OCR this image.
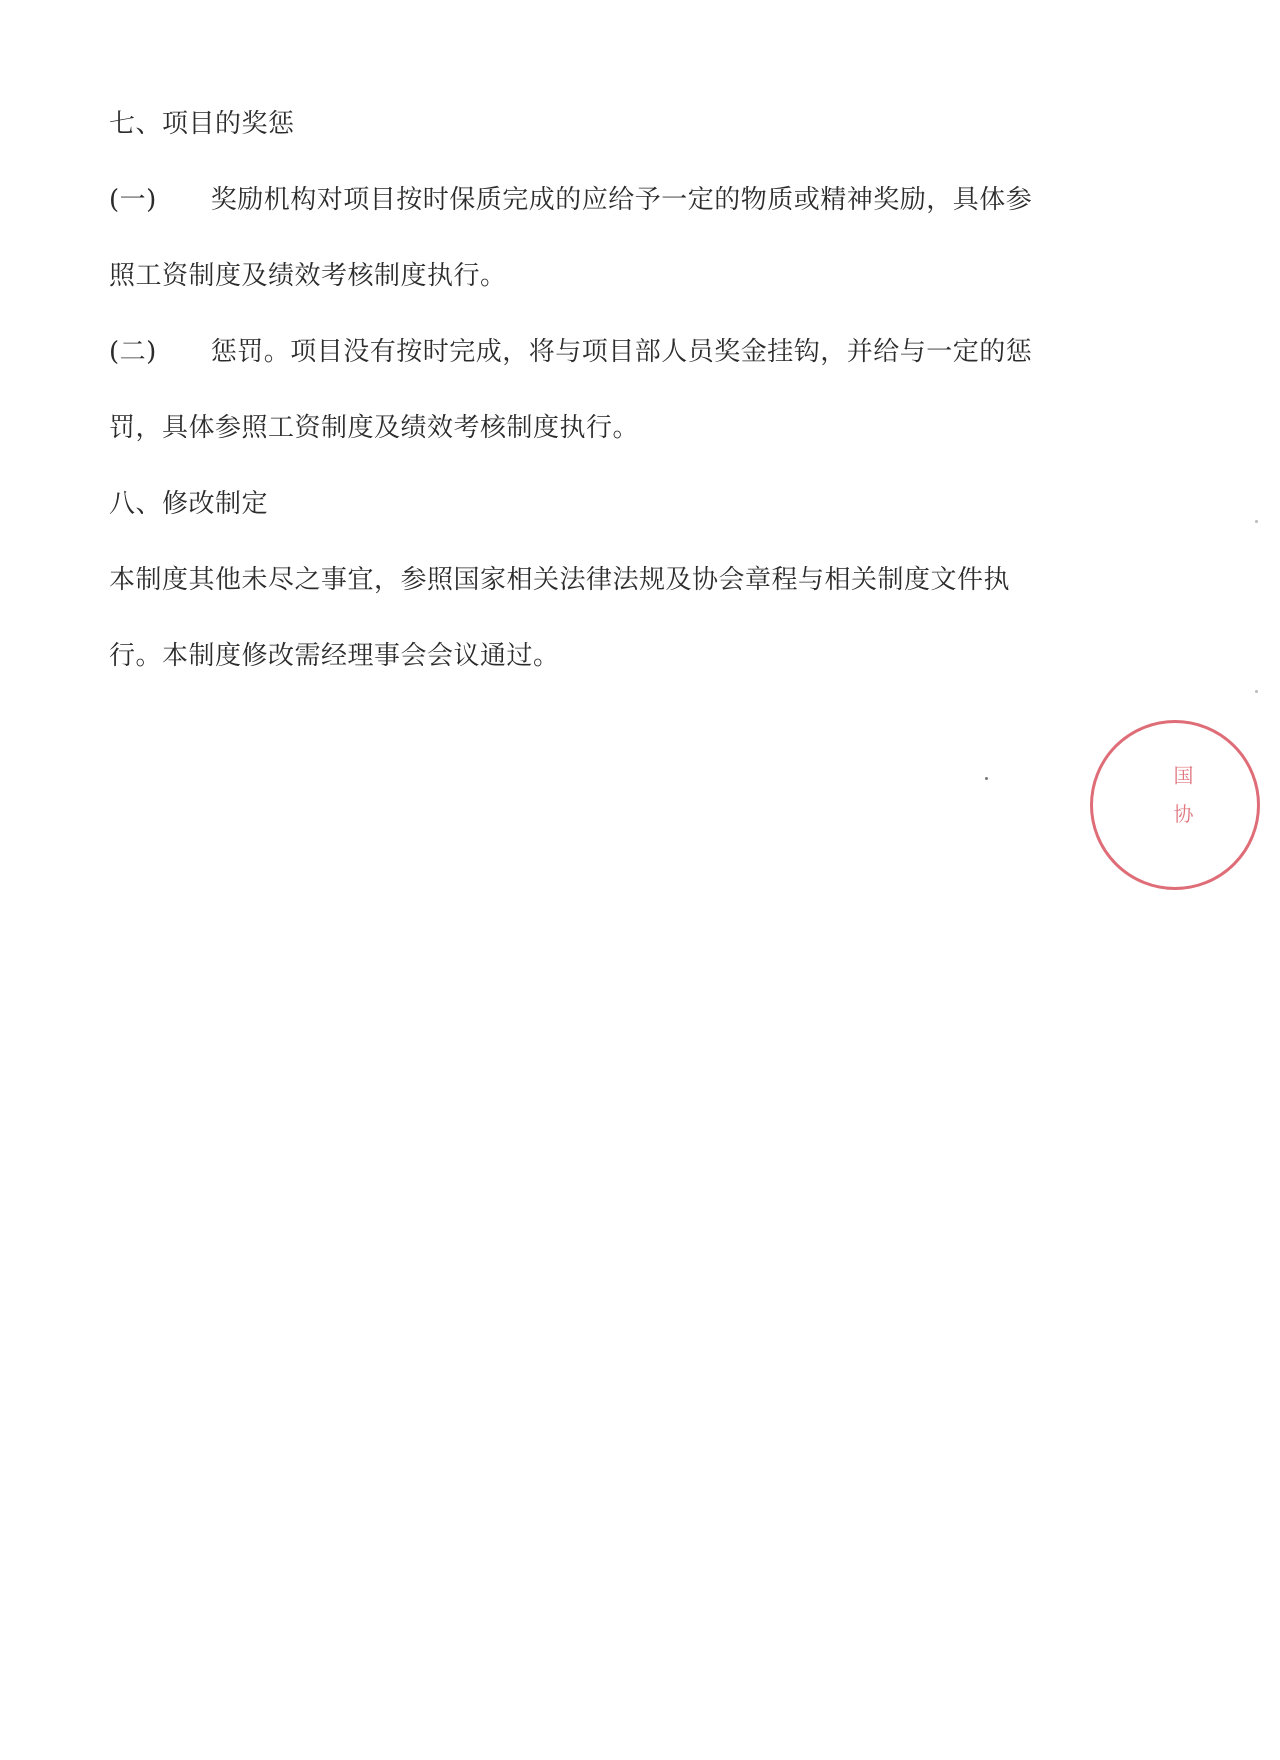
七、项目的奖惩
(一) 奖励机构对项目按时保质完成的应给予一定的物质或精神奖励，具体参
照工资制度及绩效考核制度执行。
(二) 惩罚。项目没有按时完成，将与项目部人员奖金挂钩，并给与一定的惩
罚，具体参照工资制度及绩效考核制度执行。
八、修改制定
本制度其他未尽之事宜，参照国家相关法律法规及协会章程与相关制度文件执
行。本制度修改需经理事会会议通过。
国 协
